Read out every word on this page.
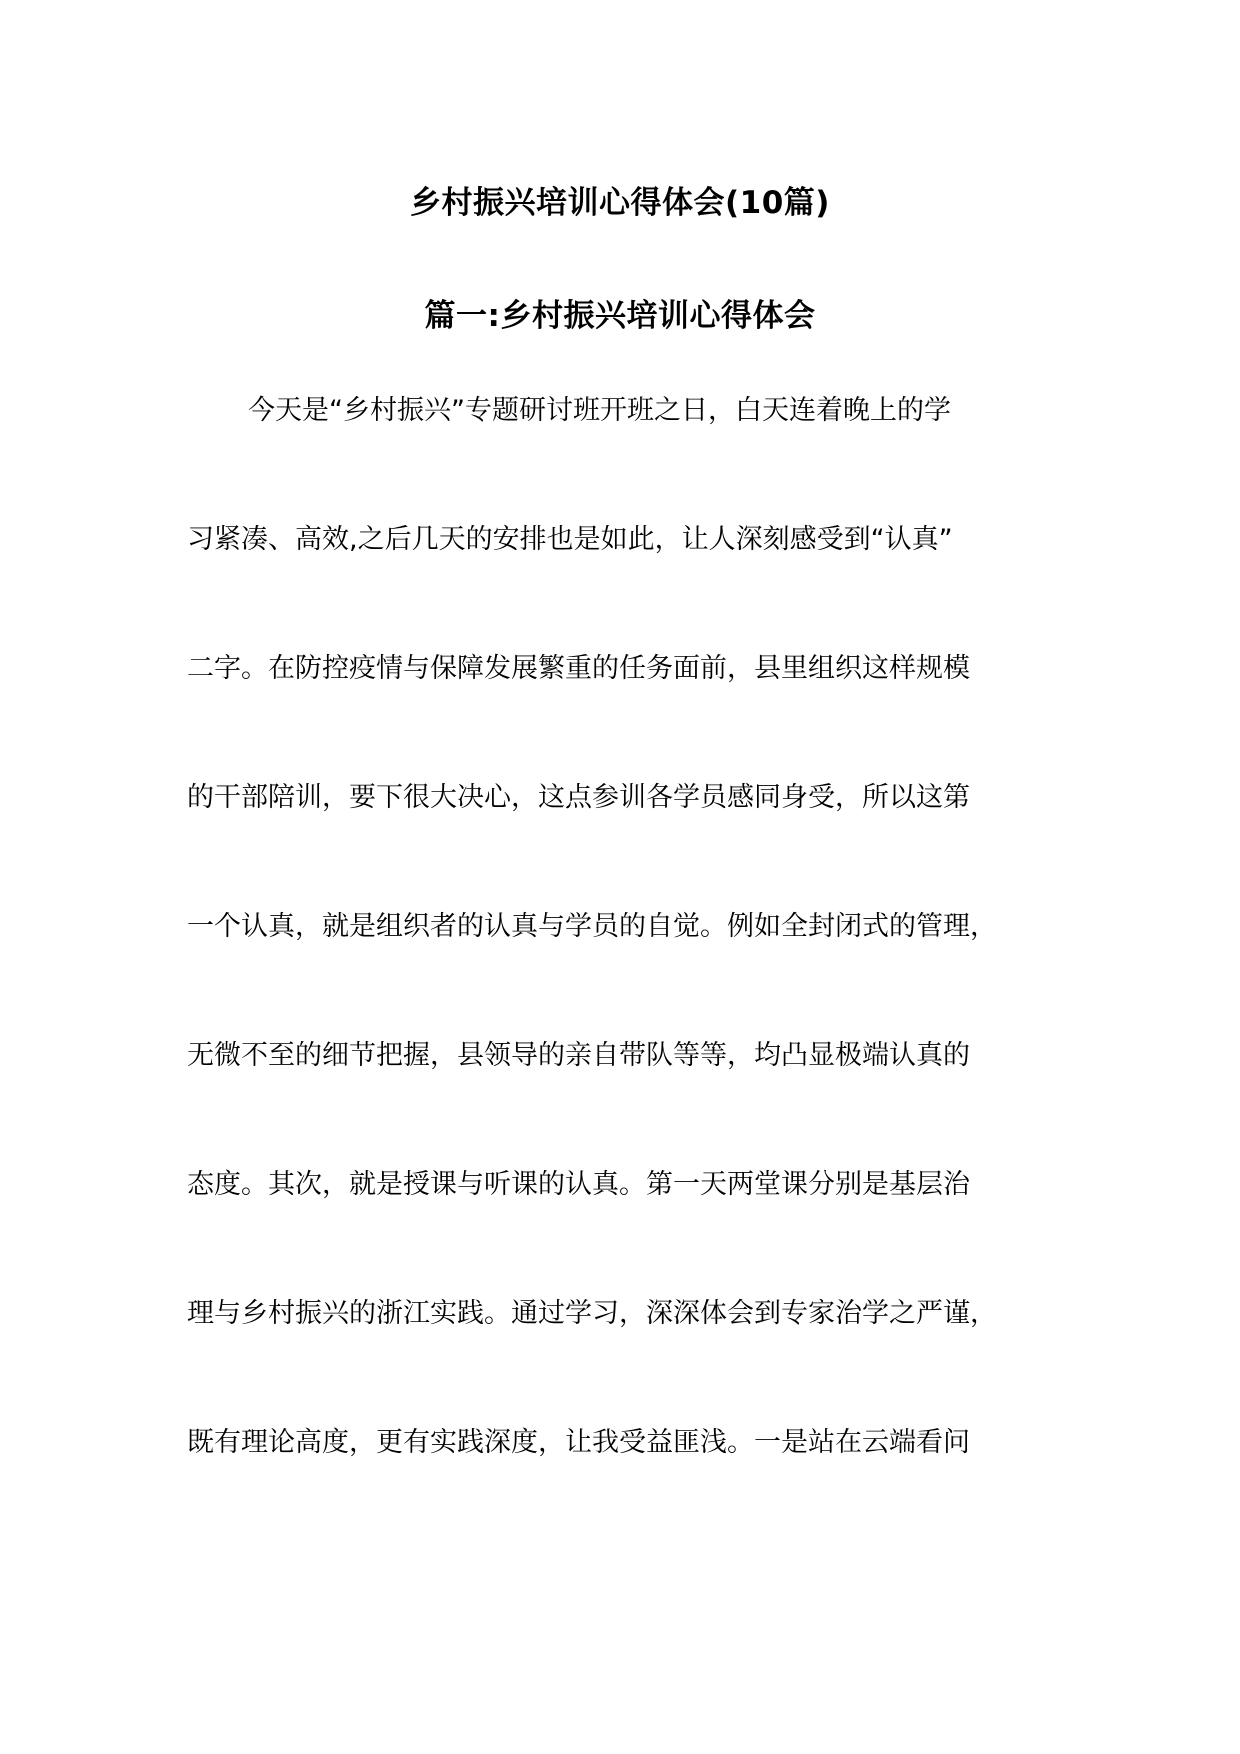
乡村振兴培训心得体会(10篇)
篇一:乡村振兴培训心得体会
今天是“乡村振兴”专题研讨班开班之日，白天连着晚上的学
习紧凑、高效,之后几天的安排也是如此，让人深刻感受到“认真”
二字。在防控疫情与保障发展繁重的任务面前，县里组织这样规模
的干部陪训，要下很大决心，这点参训各学员感同身受，所以这第
一个认真，就是组织者的认真与学员的自觉。例如全封闭式的管理，
无微不至的细节把握，县领导的亲自带队等等，均凸显极端认真的
态度。其次，就是授课与听课的认真。第一天两堂课分别是基层治
理与乡村振兴的浙江实践。通过学习，深深体会到专家治学之严谨，
既有理论高度，更有实践深度，让我受益匪浅。一是站在云端看问
